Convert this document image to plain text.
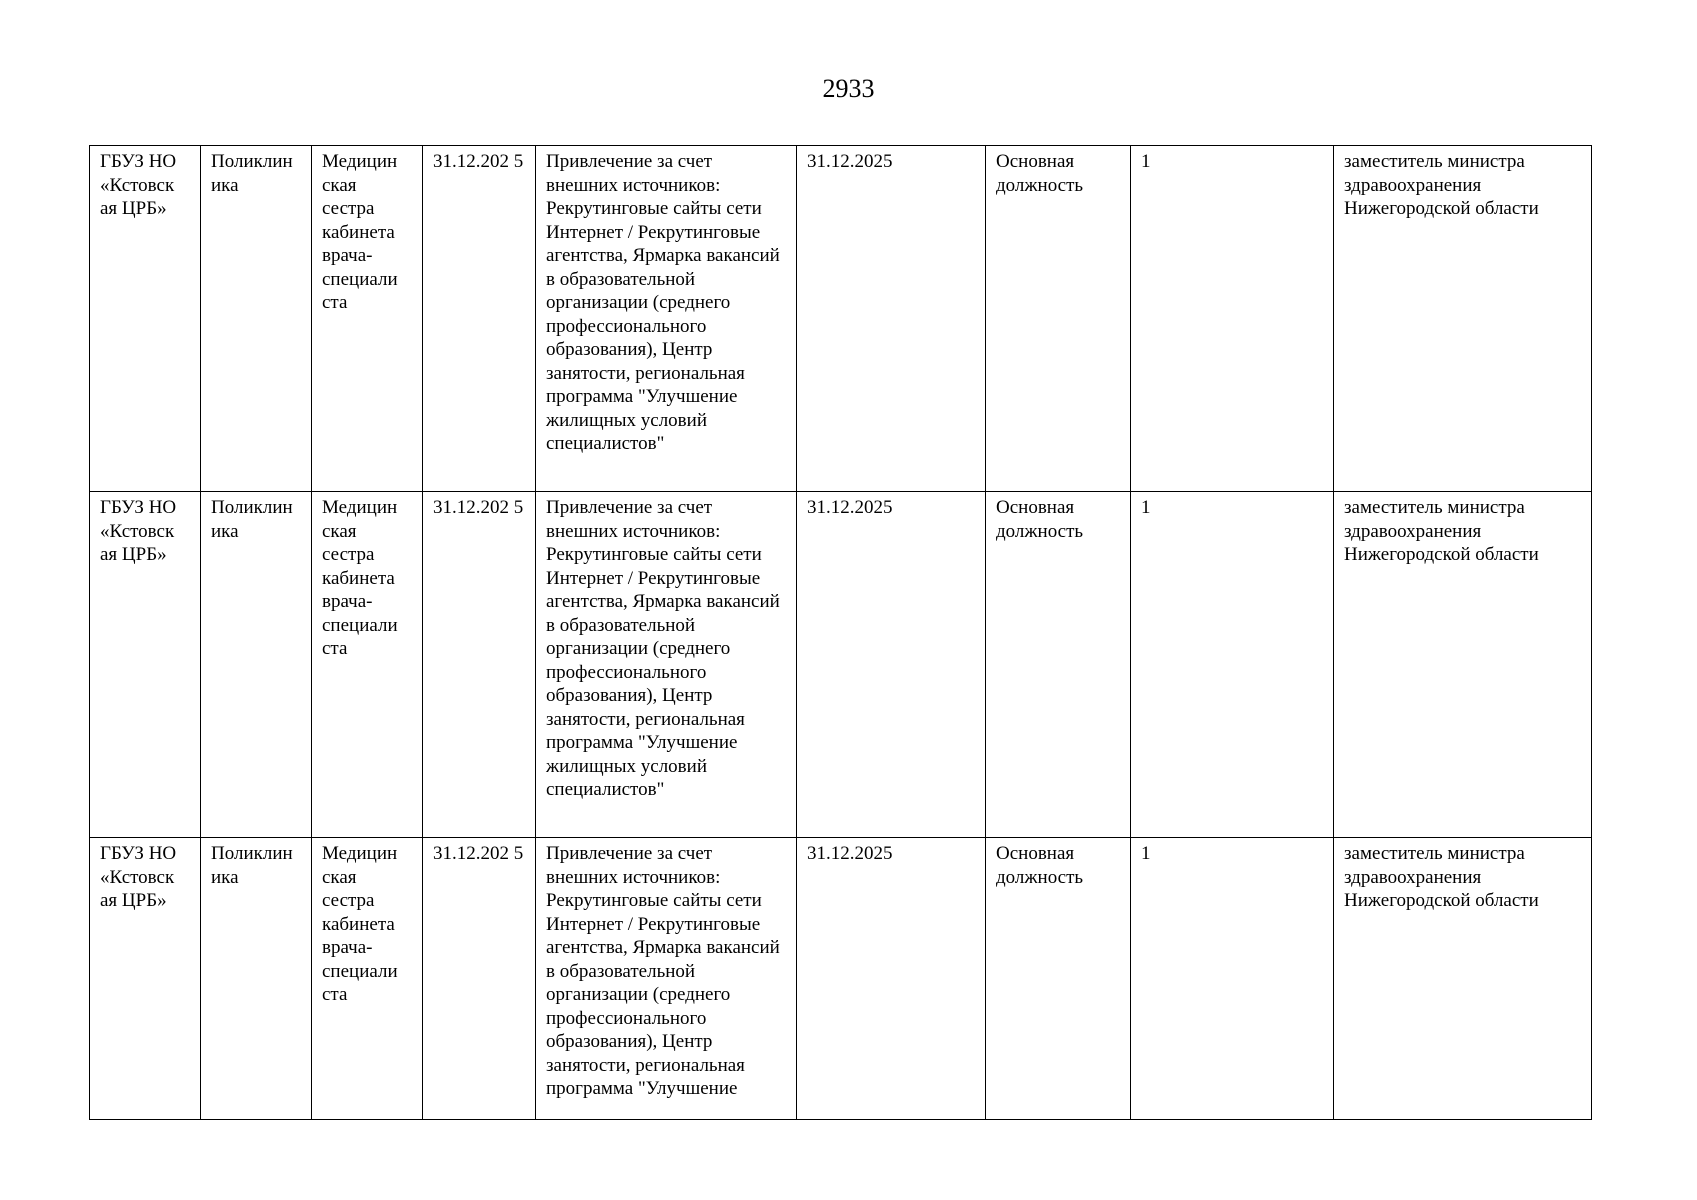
2933
ГБУЗ НО «Кстовск ая ЦРБ»	Поликлин ика	Медицин ская сестра кабинета врача- специали ста	31.12.202 5	Привлечение за счет внешних источников: Рекрутинговые сайты сети Интернет / Рекрутинговые агентства, Ярмарка вакансий в образовательной организации (среднего профессионального образования), Центр занятости, региональная программа "Улучшение жилищных условий специалистов"	31.12.2025	Основная должность	1	заместитель министра здравоохранения Нижегородской области

ГБУЗ НО «Кстовск ая ЦРБ»	Поликлин ика	Медицин ская сестра кабинета врача- специали ста	31.12.202 5	Привлечение за счет внешних источников: Рекрутинговые сайты сети Интернет / Рекрутинговые агентства, Ярмарка вакансий в образовательной организации (среднего профессионального образования), Центр занятости, региональная программа "Улучшение жилищных условий специалистов"	31.12.2025	Основная должность	1	заместитель министра здравоохранения Нижегородской области

ГБУЗ НО «Кстовск ая ЦРБ»	Поликлин ика	Медицин ская сестра кабинета врача- специали ста	31.12.202 5	Привлечение за счет внешних источников: Рекрутинговые сайты сети Интернет / Рекрутинговые агентства, Ярмарка вакансий в образовательной организации (среднего профессионального образования), Центр занятости, региональная программа "Улучшение	31.12.2025	Основная должность	1	заместитель министра здравоохранения Нижегородской области
